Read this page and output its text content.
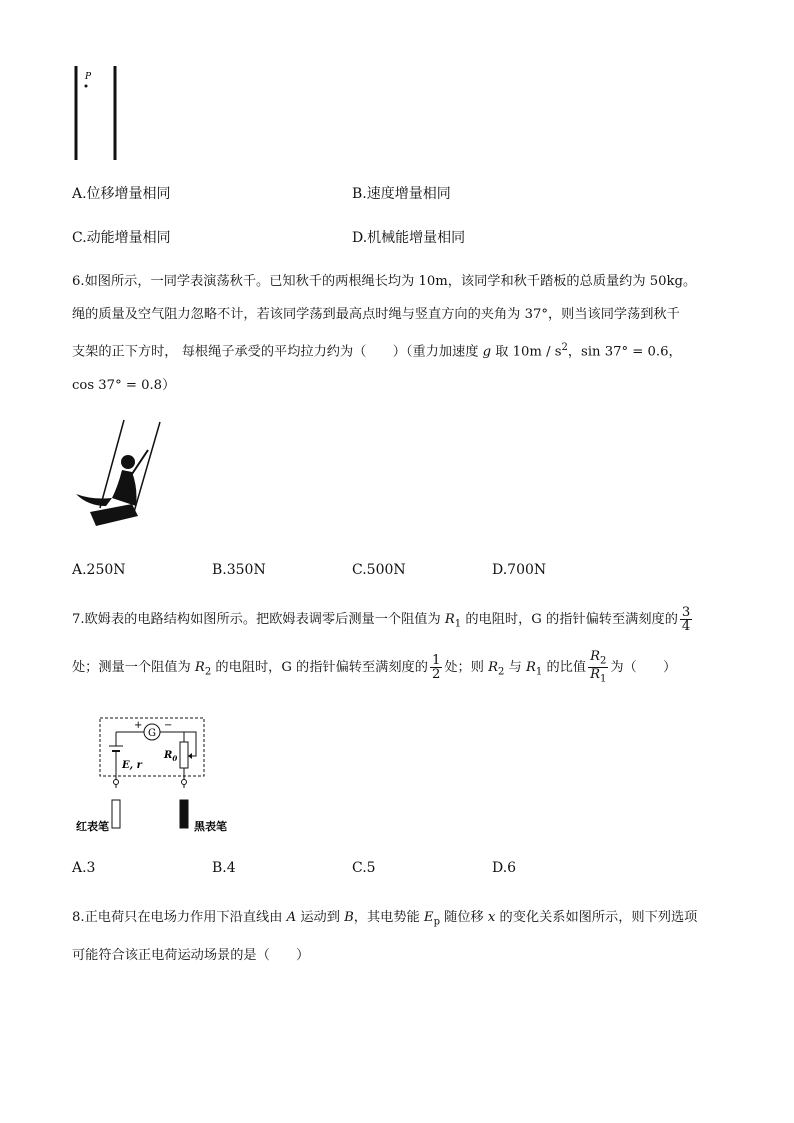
P
A.位移增量相同	B.速度增量相同
C.动能增量相同	D.机械能增量相同
6.如图所示，一同学表演荡秋千。已知秋千的两根绳长均为 10m，该同学和秋千踏板的总质量约为 50kg。
绳的质量及空气阻力忽略不计，若该同学荡到最高点时绳与竖直方向的夹角为 37°，则当该同学荡到秋千
支架的正下方时， 每根绳子承受的平均拉力约为（　　）（重力加速度 g 取 $10m / s^2$，sin 37° = 0.6，
cos 37° = 0.8）
A.250N	B.350N	C.500N	D.700N
7.欧姆表的电路结构如图所示。把欧姆表调零后测量一个阻值为 $R_1$ 的电阻时，G 的指针偏转至满刻度的 $\frac{3}{4}$
处；测量一个阻值为 $R_2$ 的电阻时，G 的指针偏转至满刻度的 $\frac{1}{2}$ 处；则 $R_2$ 与 $R_1$ 的比值 $\frac{R_2}{R_1}$ 为（　　）
G
+ −
E, r
$R_0$
红表笔	黑表笔
A.3	B.4	C.5	D.6
8.正电荷只在电场力作用下沿直线由 A 运动到 B，其电势能 $E_p$ 随位移 x 的变化关系如图所示，则下列选项
可能符合该正电荷运动场景的是（　　）
